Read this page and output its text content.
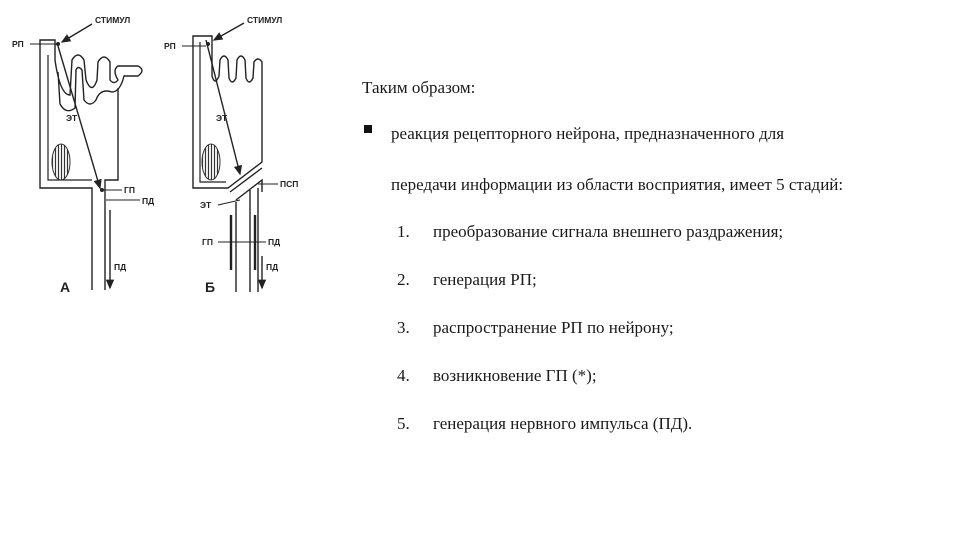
СТИМУЛ
РП
ЭТ
ГП
ПД
ПД
А
СТИМУЛ
РП
ЭТ
ПСП
ЭТ
ГП	ПД
ПД
Б
Таким образом:
реакция рецепторного нейрона, предназначенного для
передачи информации из области восприятия, имеет 5 стадий:
1. преобразование сигнала внешнего раздражения;
2. генерация РП;
3. распространение РП по нейрону;
4. возникновение ГП (*);
5. генерация нервного импульса (ПД).
